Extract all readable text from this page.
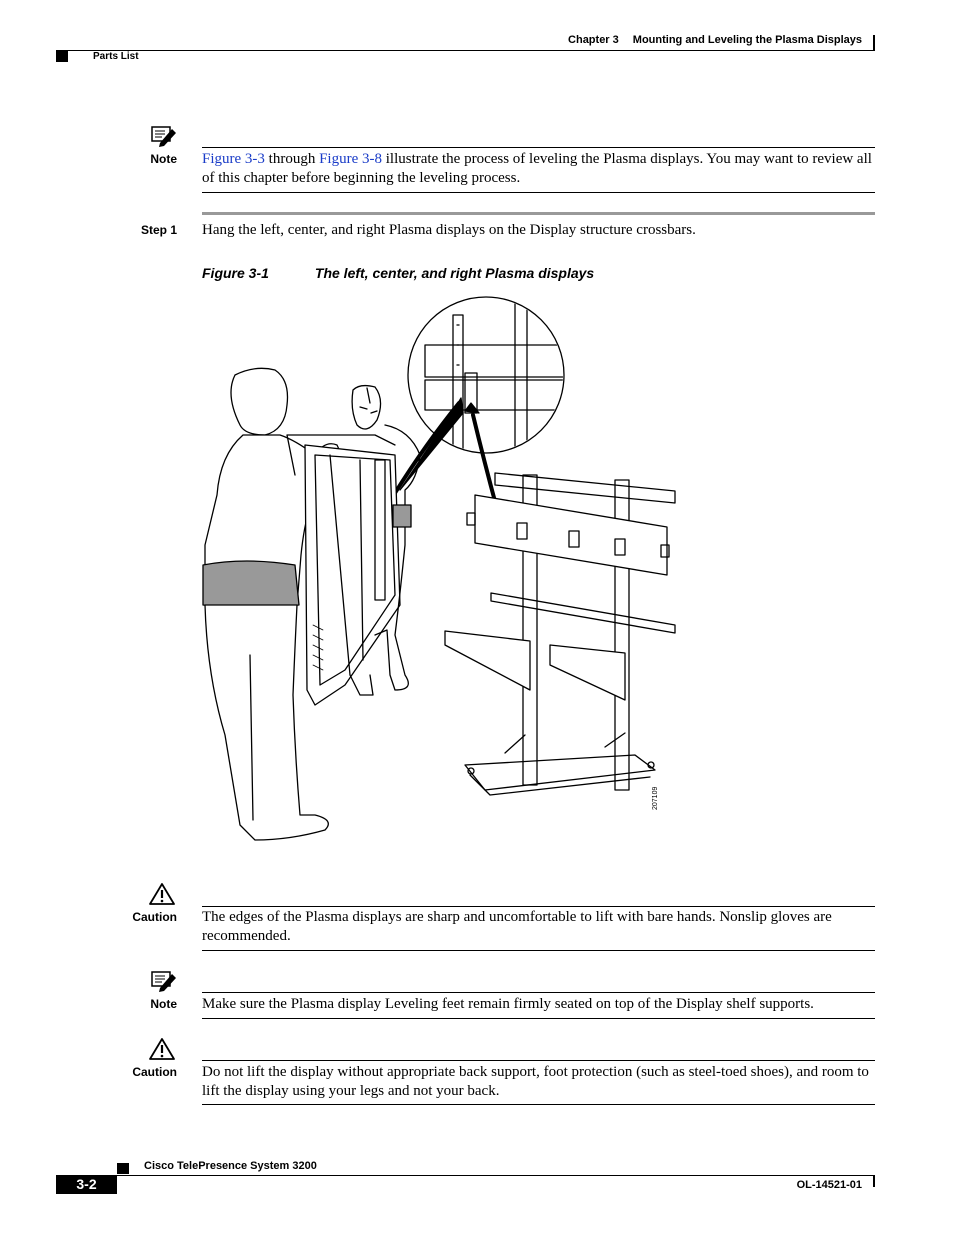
Chapter 3 Mounting and Leveling the Plasma Displays
Parts List
Note Figure 3-3 through Figure 3-8 illustrate the process of leveling the Plasma displays. You may want to review all of this chapter before beginning the leveling process.
Step 1 Hang the left, center, and right Plasma displays on the Display structure crossbars.
Figure 3-1	The left, center, and right Plasma displays
207109
Caution The edges of the Plasma displays are sharp and uncomfortable to lift with bare hands. Nonslip gloves are recommended.
Note Make sure the Plasma display Leveling feet remain firmly seated on top of the Display shelf supports.
Caution Do not lift the display without appropriate back support, foot protection (such as steel-toed shoes), and room to lift the display using your legs and not your back.
Cisco TelePresence System 3200
3-2	OL-14521-01
